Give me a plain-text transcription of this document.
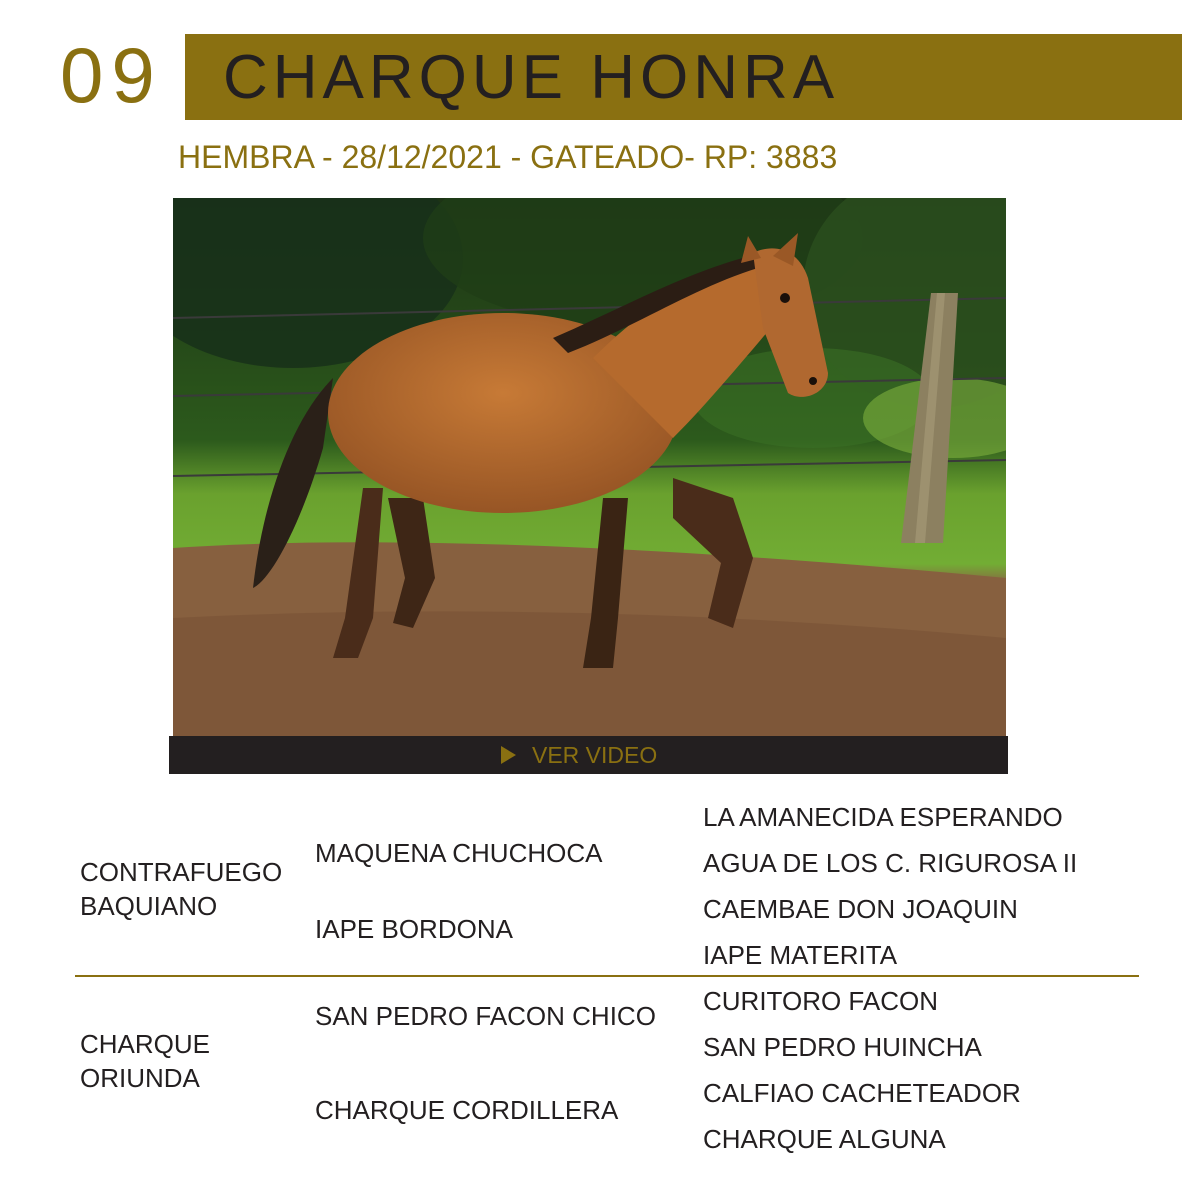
09 CHARQUE HONRA
HEMBRA - 28/12/2021 - GATEADO- RP: 3883
VER VIDEO
CONTRAFUEGO
BAQUIANO
MAQUENA CHUCHOCA
IAPE BORDONA
LA AMANECIDA ESPERANDO
AGUA DE LOS C. RIGUROSA II
CAEMBAE DON JOAQUIN
IAPE MATERITA
CHARQUE
ORIUNDA
SAN PEDRO FACON CHICO
CHARQUE CORDILLERA
CURITORO FACON
SAN PEDRO HUINCHA
CALFIAO CACHETEADOR
CHARQUE ALGUNA
